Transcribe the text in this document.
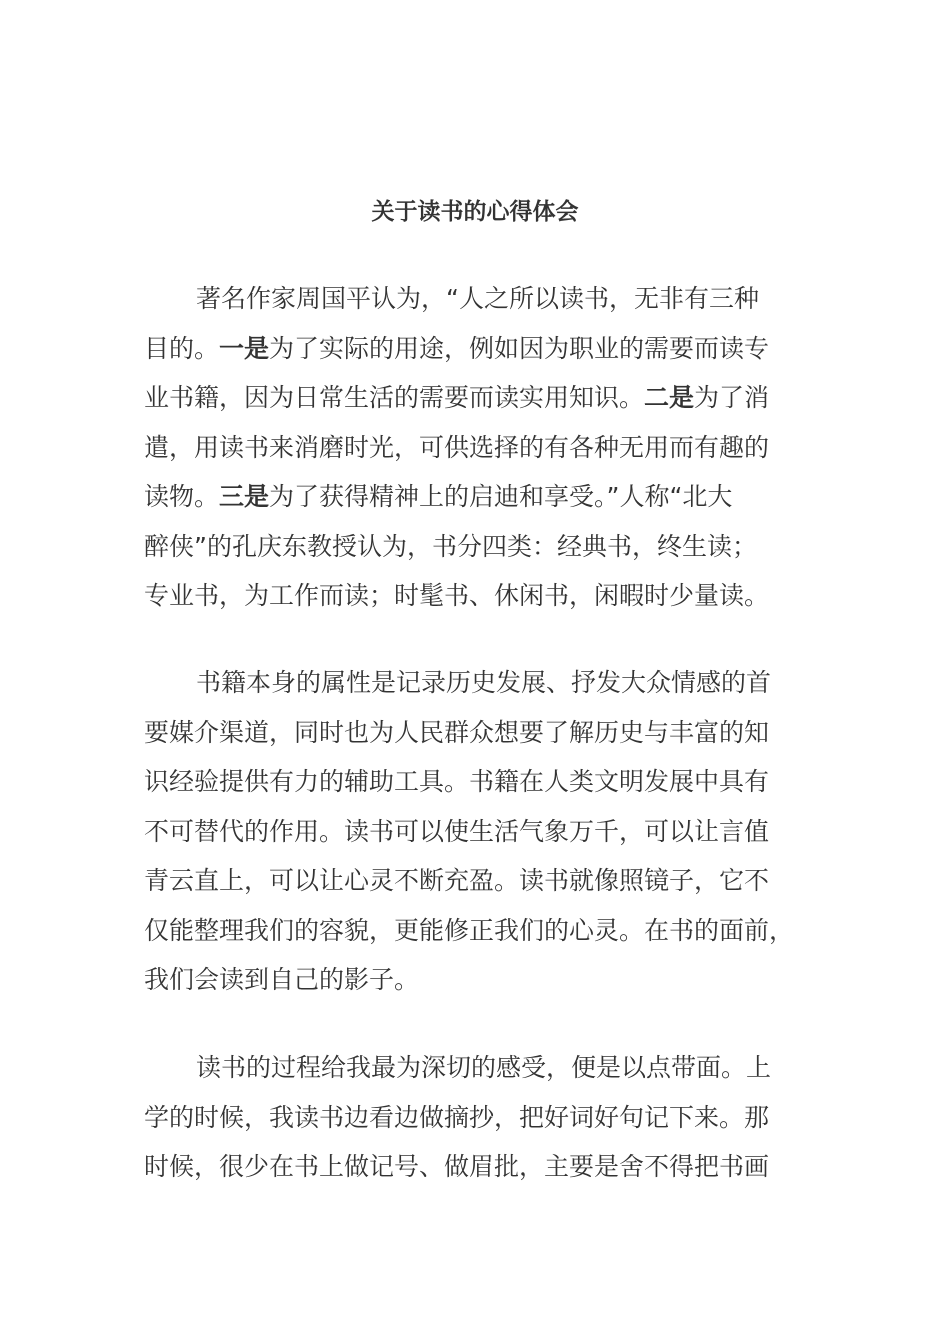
关于读书的心得体会
著名作家周国平认为，“人之所以读书，无非有三种
目的。一是为了实际的用途，例如因为职业的需要而读专
业书籍，因为日常生活的需要而读实用知识。二是为了消
遣，用读书来消磨时光，可供选择的有各种无用而有趣的
读物。三是为了获得精神上的启迪和享受。”人称“北大
醉侠”的孔庆东教授认为，书分四类：经典书，终生读；
专业书，为工作而读；时髦书、休闲书，闲暇时少量读。
书籍本身的属性是记录历史发展、抒发大众情感的首
要媒介渠道，同时也为人民群众想要了解历史与丰富的知
识经验提供有力的辅助工具。书籍在人类文明发展中具有
不可替代的作用。读书可以使生活气象万千，可以让言值
青云直上，可以让心灵不断充盈。读书就像照镜子，它不
仅能整理我们的容貌，更能修正我们的心灵。在书的面前，
我们会读到自己的影子。
读书的过程给我最为深切的感受，便是以点带面。上
学的时候，我读书边看边做摘抄，把好词好句记下来。那
时候，很少在书上做记号、做眉批，主要是舍不得把书画
